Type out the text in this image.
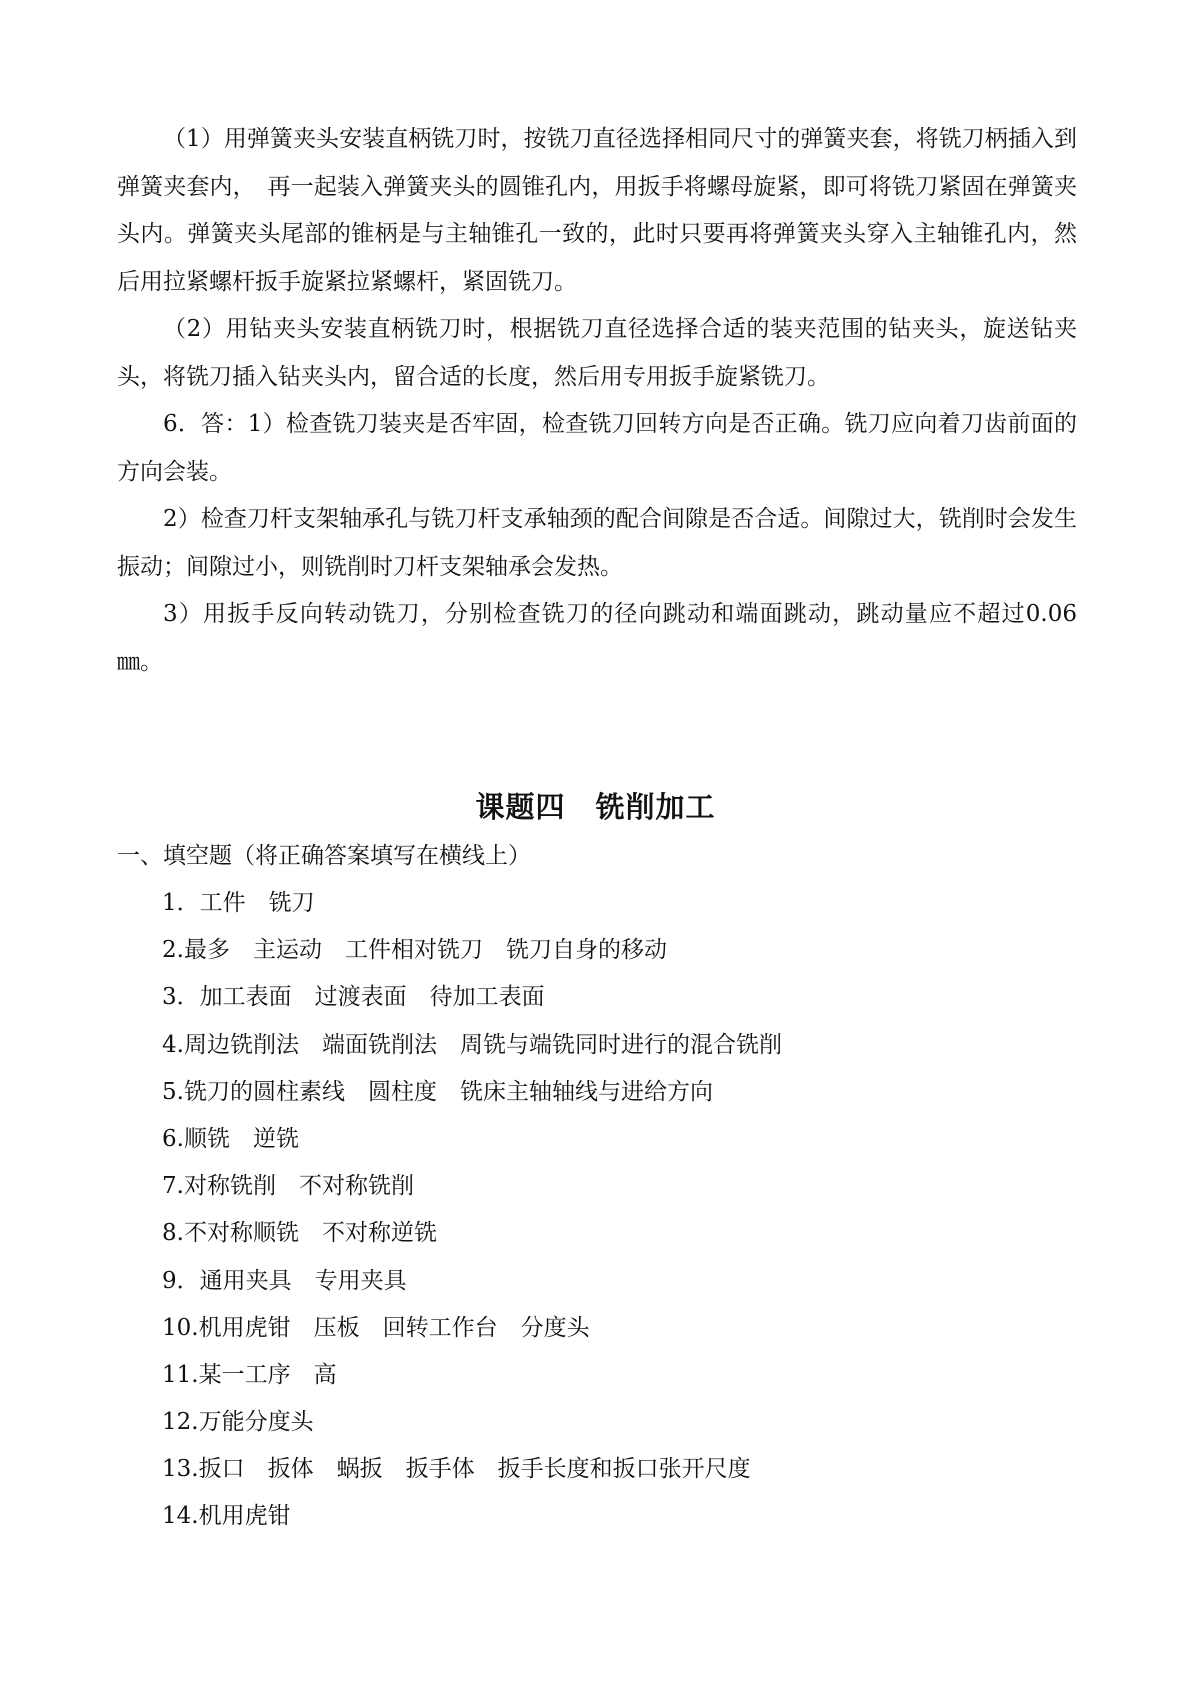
（1）用弹簧夹头安装直柄铣刀时，按铣刀直径选择相同尺寸的弹簧夹套，将铣刀柄插入到弹簧夹套内，　再一起装入弹簧夹头的圆锥孔内，用扳手将螺母旋紧，即可将铣刀紧固在弹簧夹头内。弹簧夹头尾部的锥柄是与主轴锥孔一致的，此时只要再将弹簧夹头穿入主轴锥孔内，然后用拉紧螺杆扳手旋紧拉紧螺杆，紧固铣刀。

（2）用钻夹头安装直柄铣刀时，根据铣刀直径选择合适的装夹范围的钻夹头，旋送钻夹头，将铣刀插入钻夹头内，留合适的长度，然后用专用扳手旋紧铣刀。

6．答：1）检查铣刀装夹是否牢固，检查铣刀回转方向是否正确。铣刀应向着刀齿前面的方向会装。

2）检查刀杆支架轴承孔与铣刀杆支承轴颈的配合间隙是否合适。间隙过大，铣削时会发生振动；间隙过小，则铣削时刀杆支架轴承会发热。

3）用扳手反向转动铣刀，分别检查铣刀的径向跳动和端面跳动，跳动量应不超过0.06㎜。

课题四　铣削加工

一、填空题（将正确答案填写在横线上）

1．工件　铣刀
2.最多　主运动　工件相对铣刀　铣刀自身的移动
3．加工表面　过渡表面　待加工表面
4.周边铣削法　端面铣削法　周铣与端铣同时进行的混合铣削
5.铣刀的圆柱素线　圆柱度　铣床主轴轴线与进给方向
6.顺铣　逆铣
7.对称铣削　不对称铣削
8.不对称顺铣　不对称逆铣
9．通用夹具　专用夹具
10.机用虎钳　压板　回转工作台　分度头
11.某一工序　高
12.万能分度头
13.扳口　扳体　蜗扳　扳手体　扳手长度和扳口张开尺度
14.机用虎钳
